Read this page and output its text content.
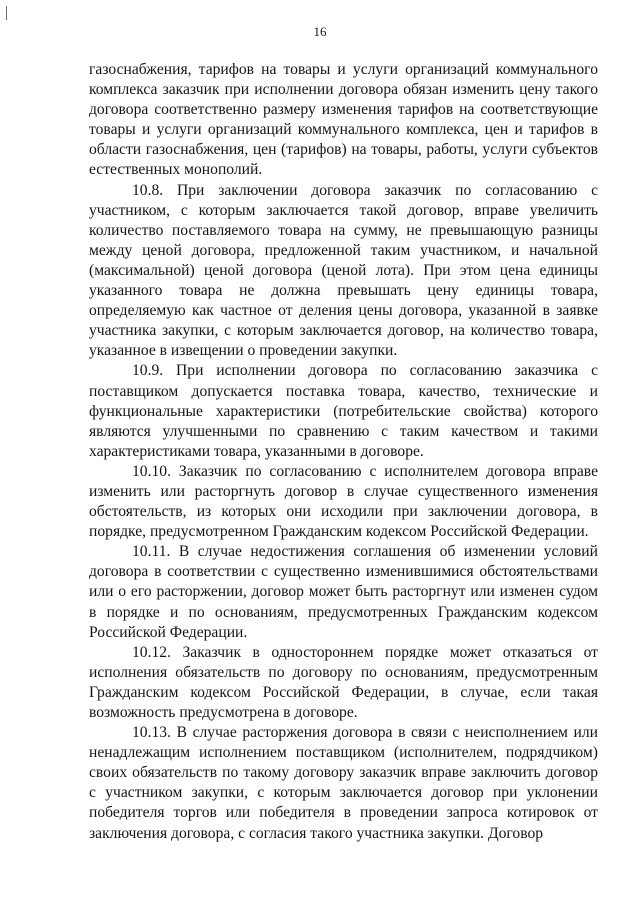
16

газоснабжения, тарифов на товары и услуги организаций коммунального комплекса заказчик при исполнении договора обязан изменить цену такого договора соответственно размеру изменения тарифов на соответствующие товары и услуги организаций коммунального комплекса, цен и тарифов в области газоснабжения, цен (тарифов) на товары, работы, услуги субъектов естественных монополий.

10.8. При заключении договора заказчик по согласованию с участником, с которым заключается такой договор, вправе увеличить количество поставляемого товара на сумму, не превышающую разницы между ценой договора, предложенной таким участником, и начальной (максимальной) ценой договора (ценой лота). При этом цена единицы указанного товара не должна превышать цену единицы товара, определяемую как частное от деления цены договора, указанной в заявке участника закупки, с которым заключается договор, на количество товара, указанное в извещении о проведении закупки.

10.9. При исполнении договора по согласованию заказчика с поставщиком допускается поставка товара, качество, технические и функциональные характеристики (потребительские свойства) которого являются улучшенными по сравнению с таким качеством и такими характеристиками товара, указанными в договоре.

10.10. Заказчик по согласованию с исполнителем договора вправе изменить или расторгнуть договор в случае существенного изменения обстоятельств, из которых они исходили при заключении договора, в порядке, предусмотренном Гражданским кодексом Российской Федерации.

10.11. В случае недостижения соглашения об изменении условий договора в соответствии с существенно изменившимися обстоятельствами или о его расторжении, договор может быть расторгнут или изменен судом в порядке и по основаниям, предусмотренных Гражданским кодексом Российской Федерации.

10.12. Заказчик в одностороннем порядке может отказаться от исполнения обязательств по договору по основаниям, предусмотренным Гражданским кодексом Российской Федерации, в случае, если такая возможность предусмотрена в договоре.

10.13. В случае расторжения договора в связи с неисполнением или ненадлежащим исполнением поставщиком (исполнителем, подрядчиком) своих обязательств по такому договору заказчик вправе заключить договор с участником закупки, с которым заключается договор при уклонении победителя торгов или победителя в проведении запроса котировок от заключения договора, с согласия такого участника закупки. Договор
